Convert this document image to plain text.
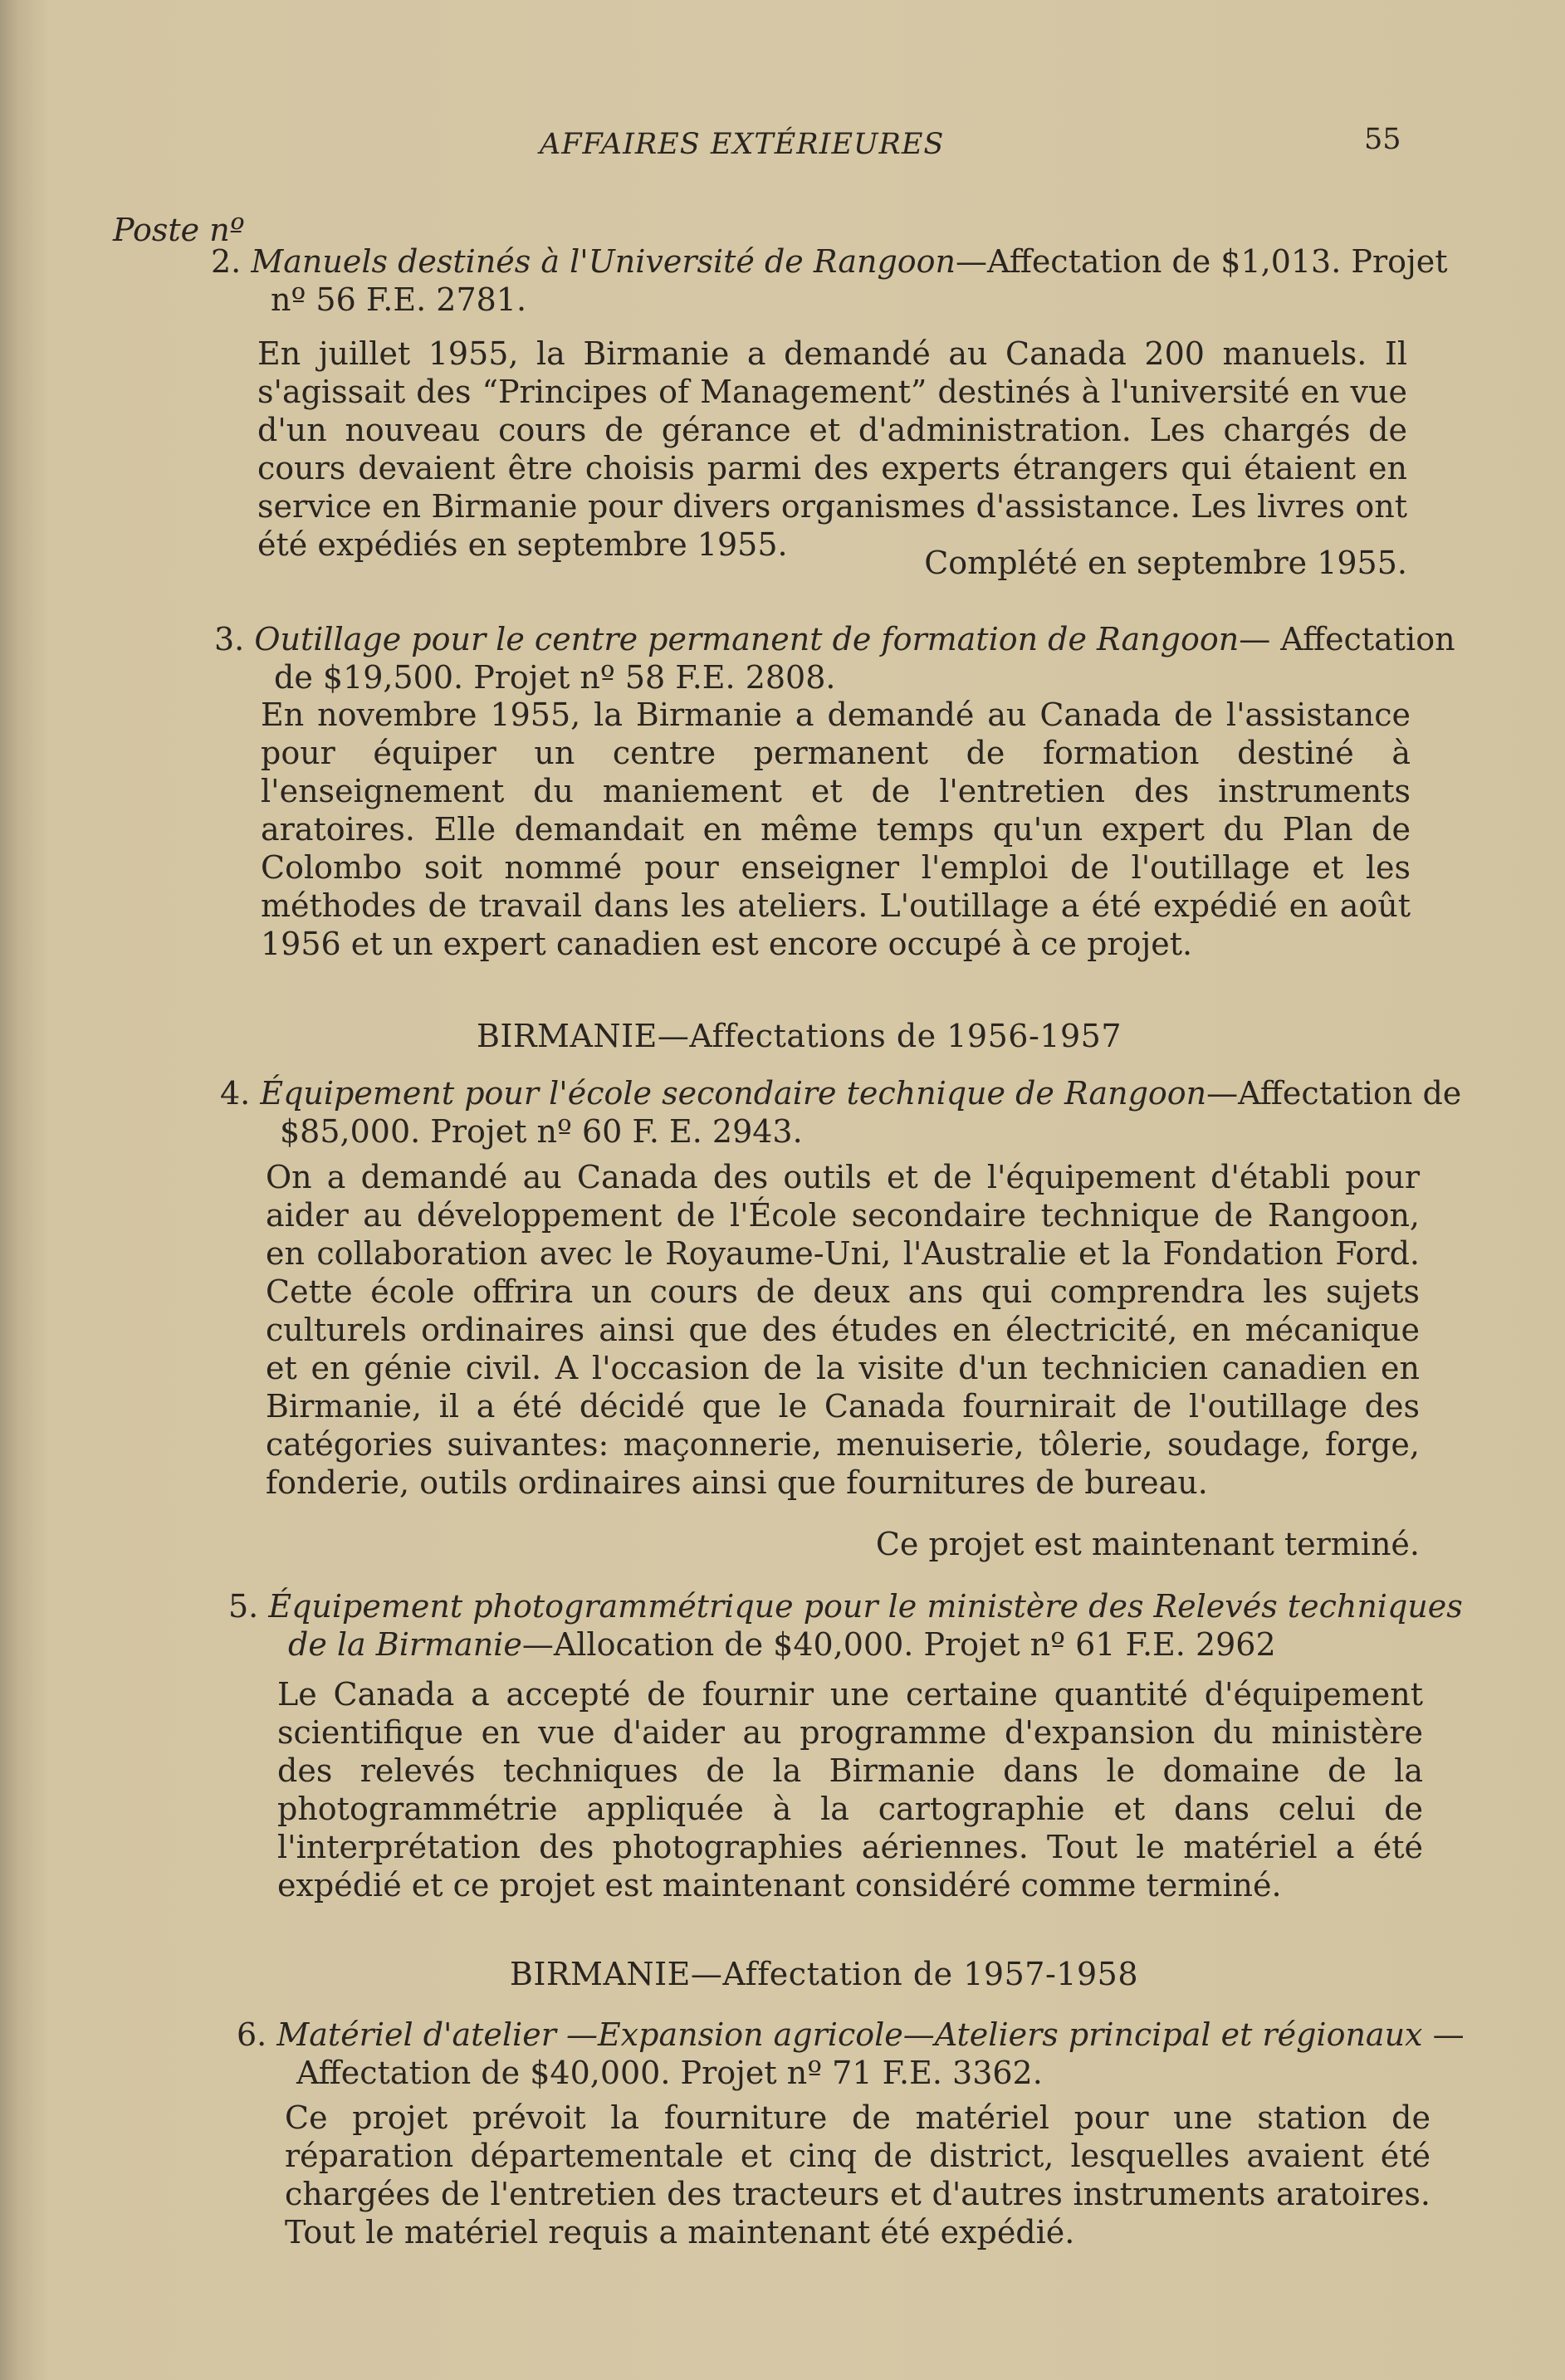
AFFAIRES EXTÉRIEURES	55
Poste nº

2. Manuels destinés à l'Université de Rangoon—Affectation de $1,013. Projet nº 56 F.E. 2781.

En juillet 1955, la Birmanie a demandé au Canada 200 manuels. Il s'agissait des “Principes of Management” destinés à l'université en vue d'un nouveau cours de gérance et d'administration. Les chargés de cours devaient être choisis parmi des experts étrangers qui étaient en service en Birmanie pour divers organismes d'assistance. Les livres ont été expédiés en septembre 1955.	Complété en septembre 1955.

3. Outillage pour le centre permanent de formation de Rangoon— Affectation de $19,500. Projet nº 58 F.E. 2808.

En novembre 1955, la Birmanie a demandé au Canada de l'assistance pour équiper un centre permanent de formation destiné à l'enseignement du maniement et de l'entretien des instruments aratoires. Elle demandait en même temps qu'un expert du Plan de Colombo soit nommé pour enseigner l'emploi de l'outillage et les méthodes de travail dans les ateliers. L'outillage a été expédié en août 1956 et un expert canadien est encore occupé à ce projet.

BIRMANIE—Affectations de 1956-1957

4. Équipement pour l'école secondaire technique de Rangoon—Affectation de $85,000. Projet nº 60 F. E. 2943.

On a demandé au Canada des outils et de l'équipement d'établi pour aider au développement de l'École secondaire technique de Rangoon, en collaboration avec le Royaume-Uni, l'Australie et la Fondation Ford. Cette école offrira un cours de deux ans qui comprendra les sujets culturels ordinaires ainsi que des études en électricité, en mécanique et en génie civil. A l'occasion de la visite d'un technicien canadien en Birmanie, il a été décidé que le Canada fournirait de l'outillage des catégories suivantes: maçonnerie, menuiserie, tôlerie, soudage, forge, fonderie, outils ordinaires ainsi que fournitures de bureau.

Ce projet est maintenant terminé.

5. Équipement photogrammétrique pour le ministère des Relevés techniques de la Birmanie—Allocation de $40,000. Projet nº 61 F.E. 2962

Le Canada a accepté de fournir une certaine quantité d'équipement scientifique en vue d'aider au programme d'expansion du ministère des relevés techniques de la Birmanie dans le domaine de la photogrammétrie appliquée à la cartographie et dans celui de l'interprétation des photographies aériennes. Tout le matériel a été expédié et ce projet est maintenant considéré comme terminé.

BIRMANIE—Affectation de 1957-1958

6. Matériel d'atelier —Expansion agricole—Ateliers principal et régionaux —Affectation de $40,000. Projet nº 71 F.E. 3362.

Ce projet prévoit la fourniture de matériel pour une station de réparation départementale et cinq de district, lesquelles avaient été chargées de l'entretien des tracteurs et d'autres instruments aratoires. Tout le matériel requis a maintenant été expédié.
